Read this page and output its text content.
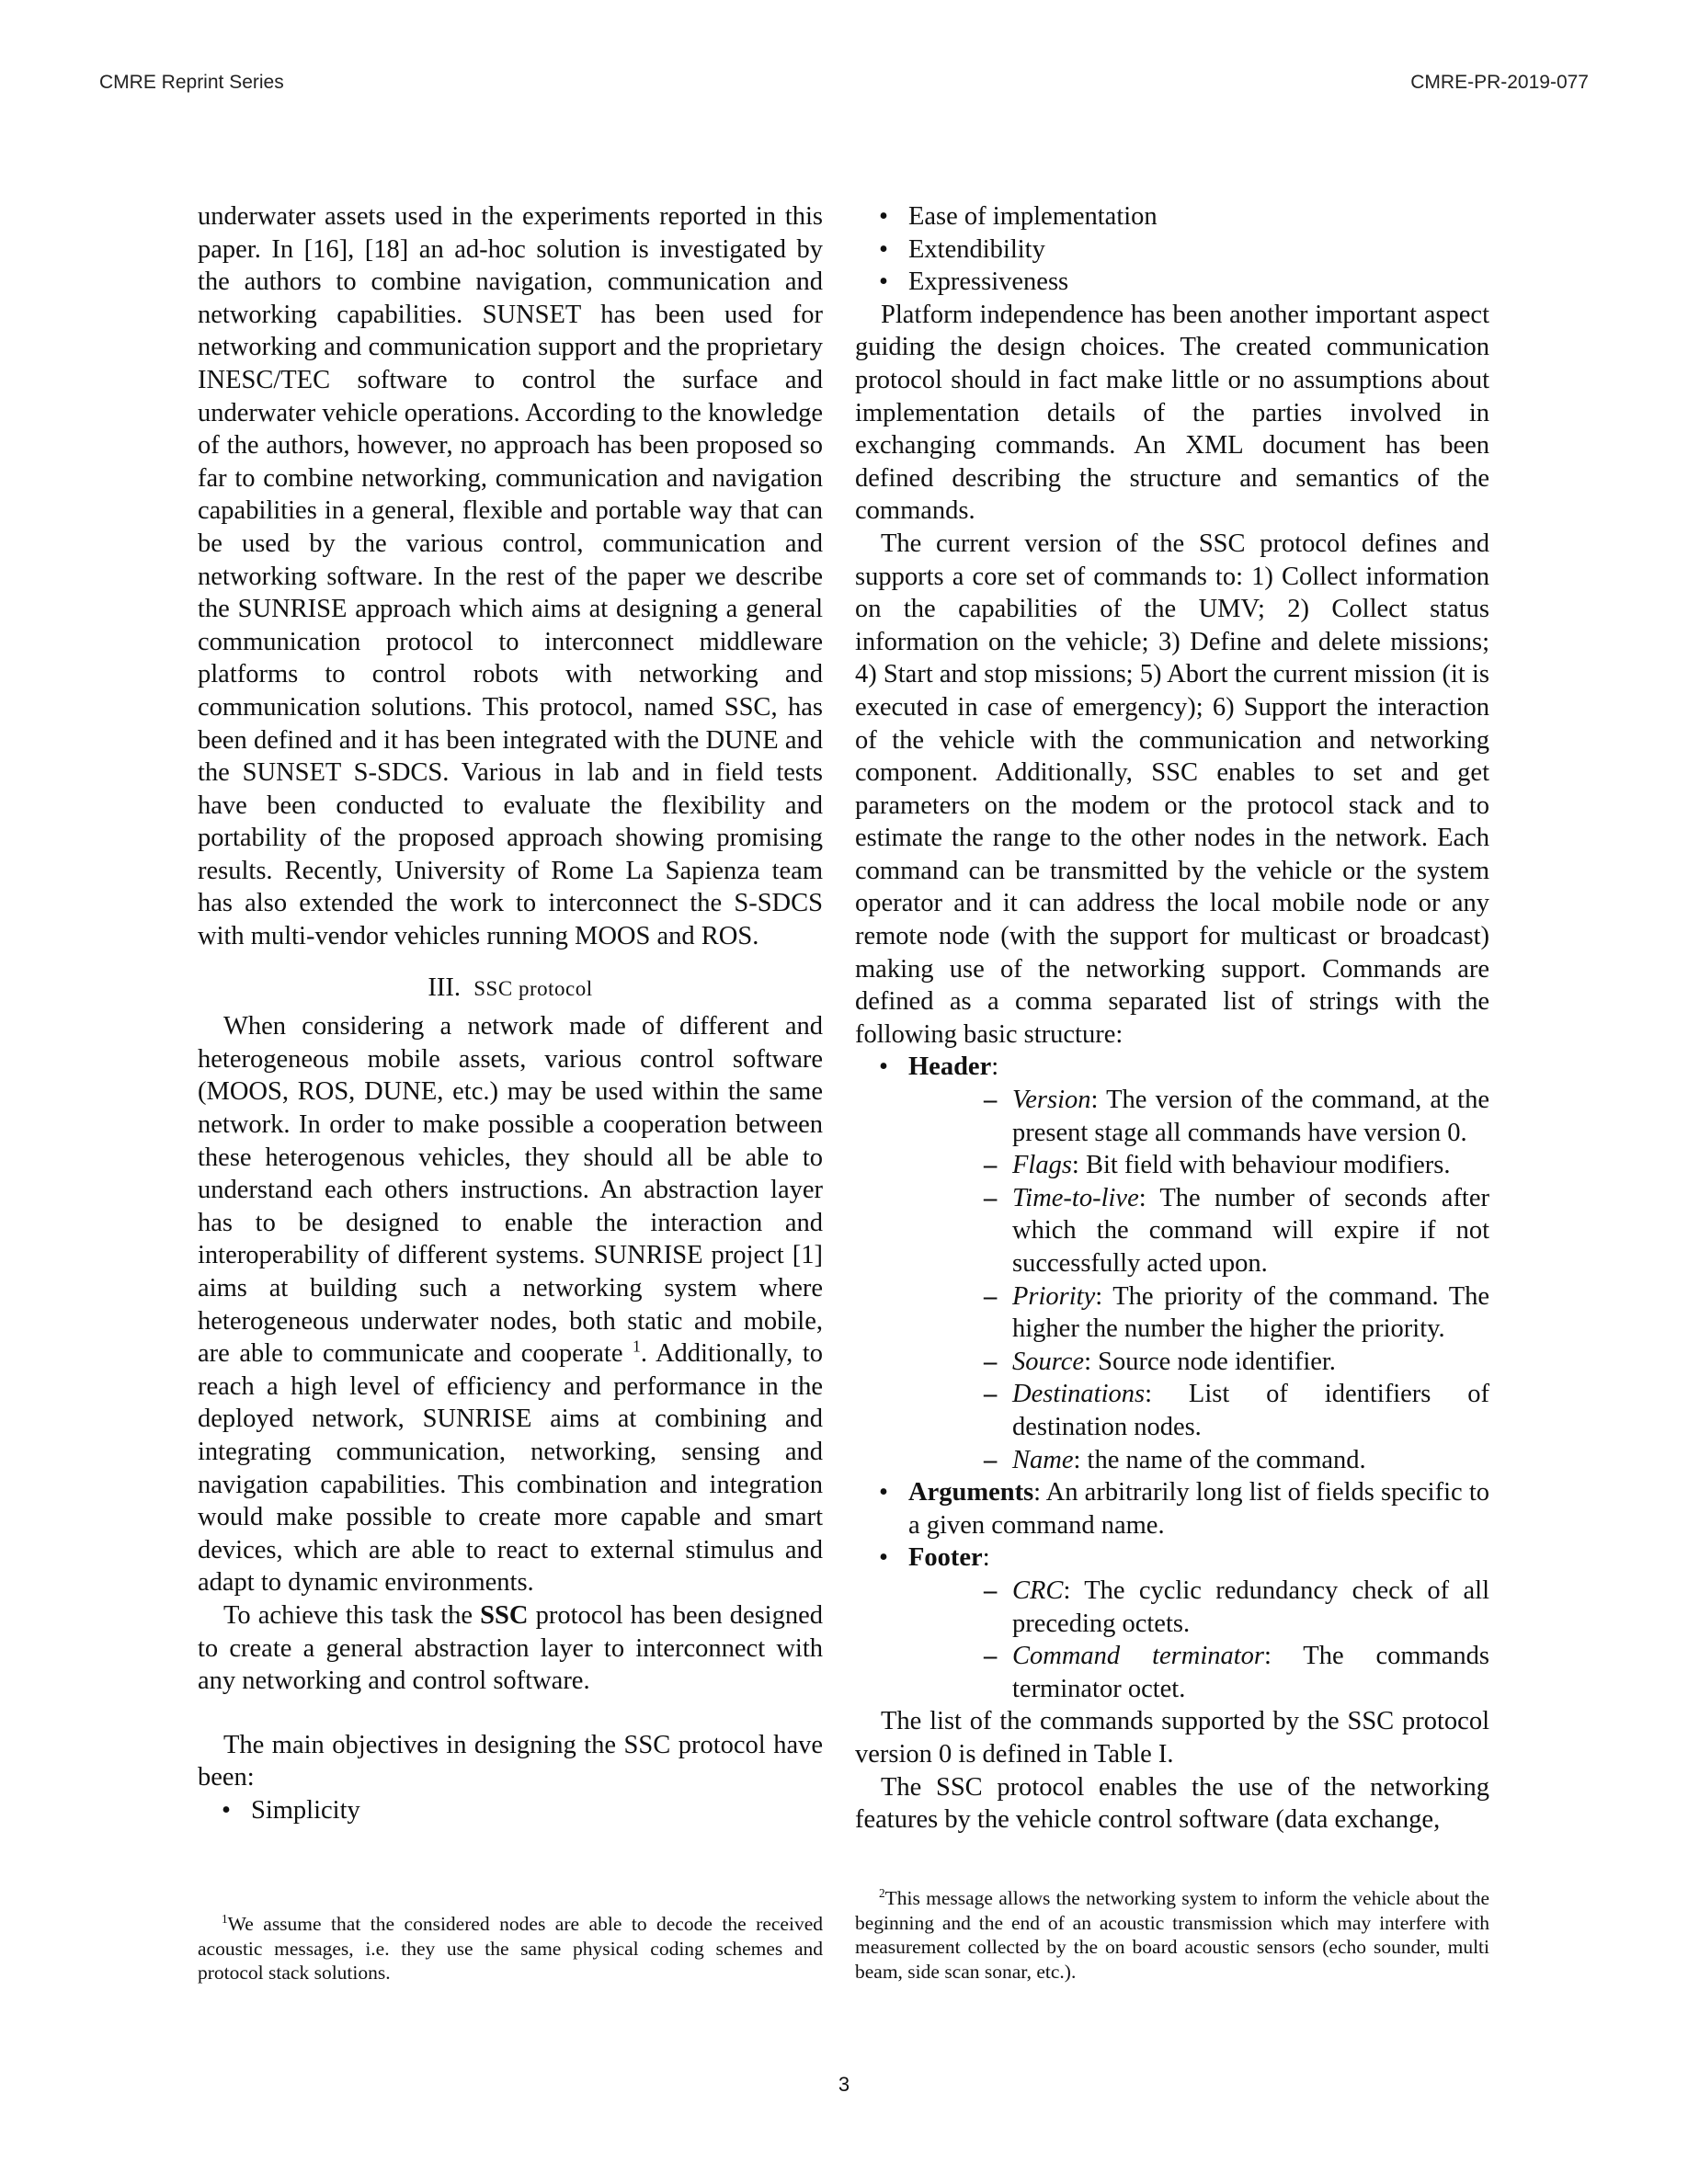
CMRE Reprint Series	CMRE-PR-2019-077

underwater assets used in the experiments reported in this paper. In [16], [18] an ad-hoc solution is investigated by the authors to combine navigation, communication and networking capabilities. SUNSET has been used for networking and communication support and the proprietary INESC/TEC software to control the surface and underwater vehicle operations. According to the knowledge of the authors, however, no approach has been proposed so far to combine networking, communication and navigation capabilities in a general, flexible and portable way that can be used by the various control, communication and networking software. In the rest of the paper we describe the SUNRISE approach which aims at designing a general communication protocol to interconnect middleware platforms to control robots with networking and communication solutions. This protocol, named SSC, has been defined and it has been integrated with the DUNE and the SUNSET S-SDCS. Various in lab and in field tests have been conducted to evaluate the flexibility and portability of the proposed approach showing promising results. Recently, University of Rome La Sapienza team has also extended the work to interconnect the S-SDCS with multi-vendor vehicles running MOOS and ROS.

III. SSC protocol

When considering a network made of different and heterogeneous mobile assets, various control software (MOOS, ROS, DUNE, etc.) may be used within the same network. In order to make possible a cooperation between these heterogenous vehicles, they should all be able to understand each others instructions. An abstraction layer has to be designed to enable the interaction and interoperability of different systems. SUNRISE project [1] aims at building such a networking system where heterogeneous underwater nodes, both static and mobile, are able to communicate and cooperate $^1$. Additionally, to reach a high level of efficiency and performance in the deployed network, SUNRISE aims at combining and integrating communication, networking, sensing and navigation capabilities. This combination and integration would make possible to create more capable and smart devices, which are able to react to external stimulus and adapt to dynamic environments.

To achieve this task the SSC protocol has been designed to create a general abstraction layer to interconnect with any networking and control software.

The main objectives in designing the SSC protocol have been:

• Simplicity
• Ease of implementation
• Extendibility
• Expressiveness

Platform independence has been another important aspect guiding the design choices. The created communication protocol should in fact make little or no assumptions about implementation details of the parties involved in exchanging commands. An XML document has been defined describing the structure and semantics of the commands.

The current version of the SSC protocol defines and supports a core set of commands to: 1) Collect information on the capabilities of the UMV; 2) Collect status information on the vehicle; 3) Define and delete missions; 4) Start and stop missions; 5) Abort the current mission (it is executed in case of emergency); 6) Support the interaction of the vehicle with the communication and networking component. Additionally, SSC enables to set and get parameters on the modem or the protocol stack and to estimate the range to the other nodes in the network. Each command can be transmitted by the vehicle or the system operator and it can address the local mobile node or any remote node (with the support for multicast or broadcast) making use of the networking support. Commands are defined as a comma separated list of strings with the following basic structure:

• Header:
– Version: The version of the command, at the present stage all commands have version 0.
– Flags: Bit field with behaviour modifiers.
– Time-to-live: The number of seconds after which the command will expire if not successfully acted upon.
– Priority: The priority of the command. The higher the number the higher the priority.
– Source: Source node identifier.
– Destinations: List of identifiers of destination nodes.
– Name: the name of the command.
• Arguments: An arbitrarily long list of fields specific to a given command name.
• Footer:
– CRC: The cyclic redundancy check of all preceding octets.
– Command terminator: The commands terminator octet.

The list of the commands supported by the SSC protocol version 0 is defined in Table I.

The SSC protocol enables the use of the networking features by the vehicle control software (data exchange,

$^1$We assume that the considered nodes are able to decode the received acoustic messages, i.e. they use the same physical coding schemes and protocol stack solutions.

$^2$This message allows the networking system to inform the vehicle about the beginning and the end of an acoustic transmission which may interfere with measurement collected by the on board acoustic sensors (echo sounder, multi beam, side scan sonar, etc.).

3
